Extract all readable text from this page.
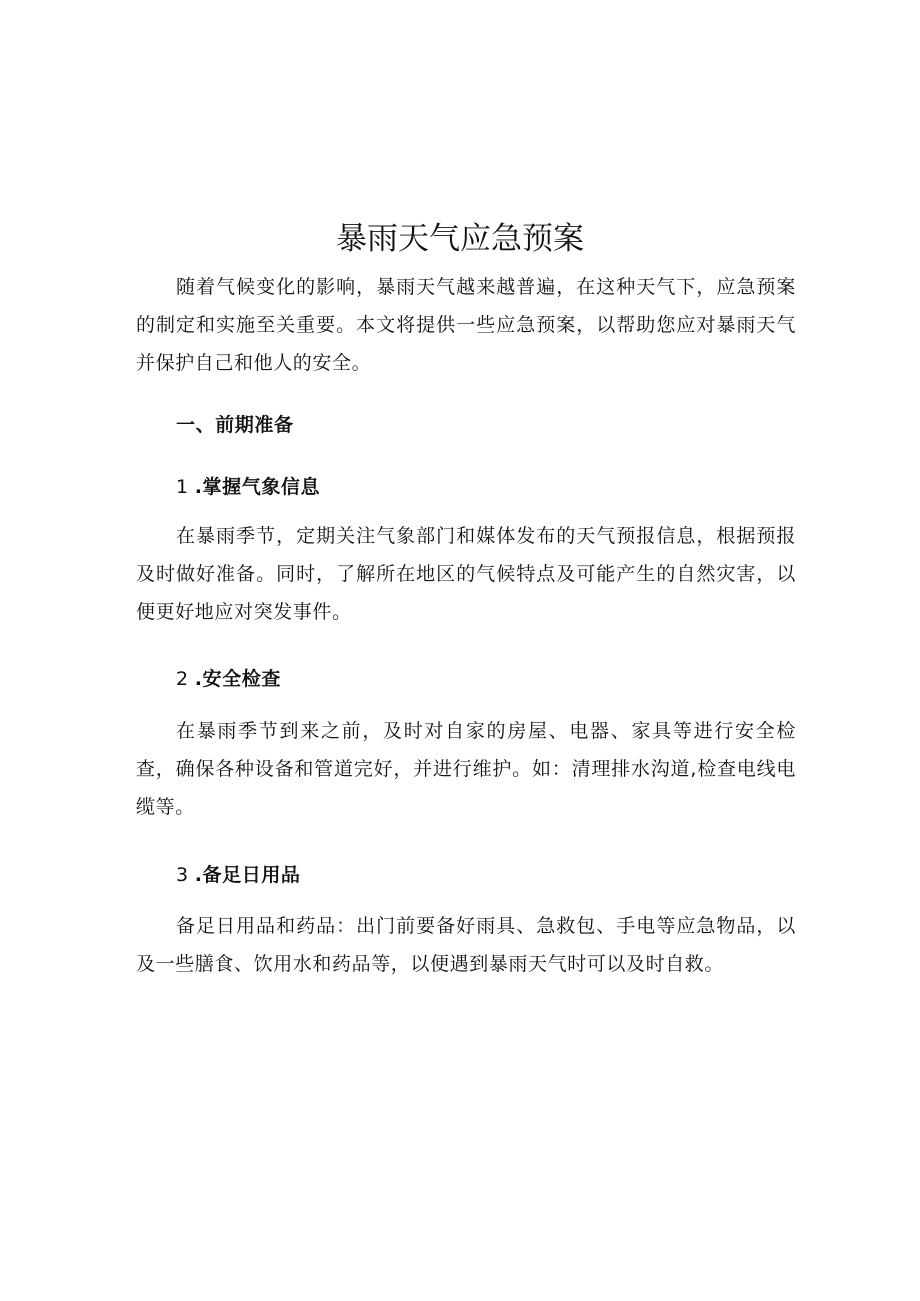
暴雨天气应急预案

随着气候变化的影响，暴雨天气越来越普遍，在这种天气下，应急预案的制定和实施至关重要。本文将提供一些应急预案，以帮助您应对暴雨天气并保护自己和他人的安全。

一、前期准备
1 .掌握气象信息

在暴雨季节，定期关注气象部门和媒体发布的天气预报信息，根据预报及时做好准备。同时，了解所在地区的气候特点及可能产生的自然灾害，以便更好地应对突发事件。

2 .安全检查

在暴雨季节到来之前，及时对自家的房屋、电器、家具等进行安全检查，确保各种设备和管道完好，并进行维护。如：清理排水沟道,检查电线电缆等。

3 .备足日用品

备足日用品和药品：出门前要备好雨具、急救包、手电等应急物品，以及一些膳食、饮用水和药品等，以便遇到暴雨天气时可以及时自救。
